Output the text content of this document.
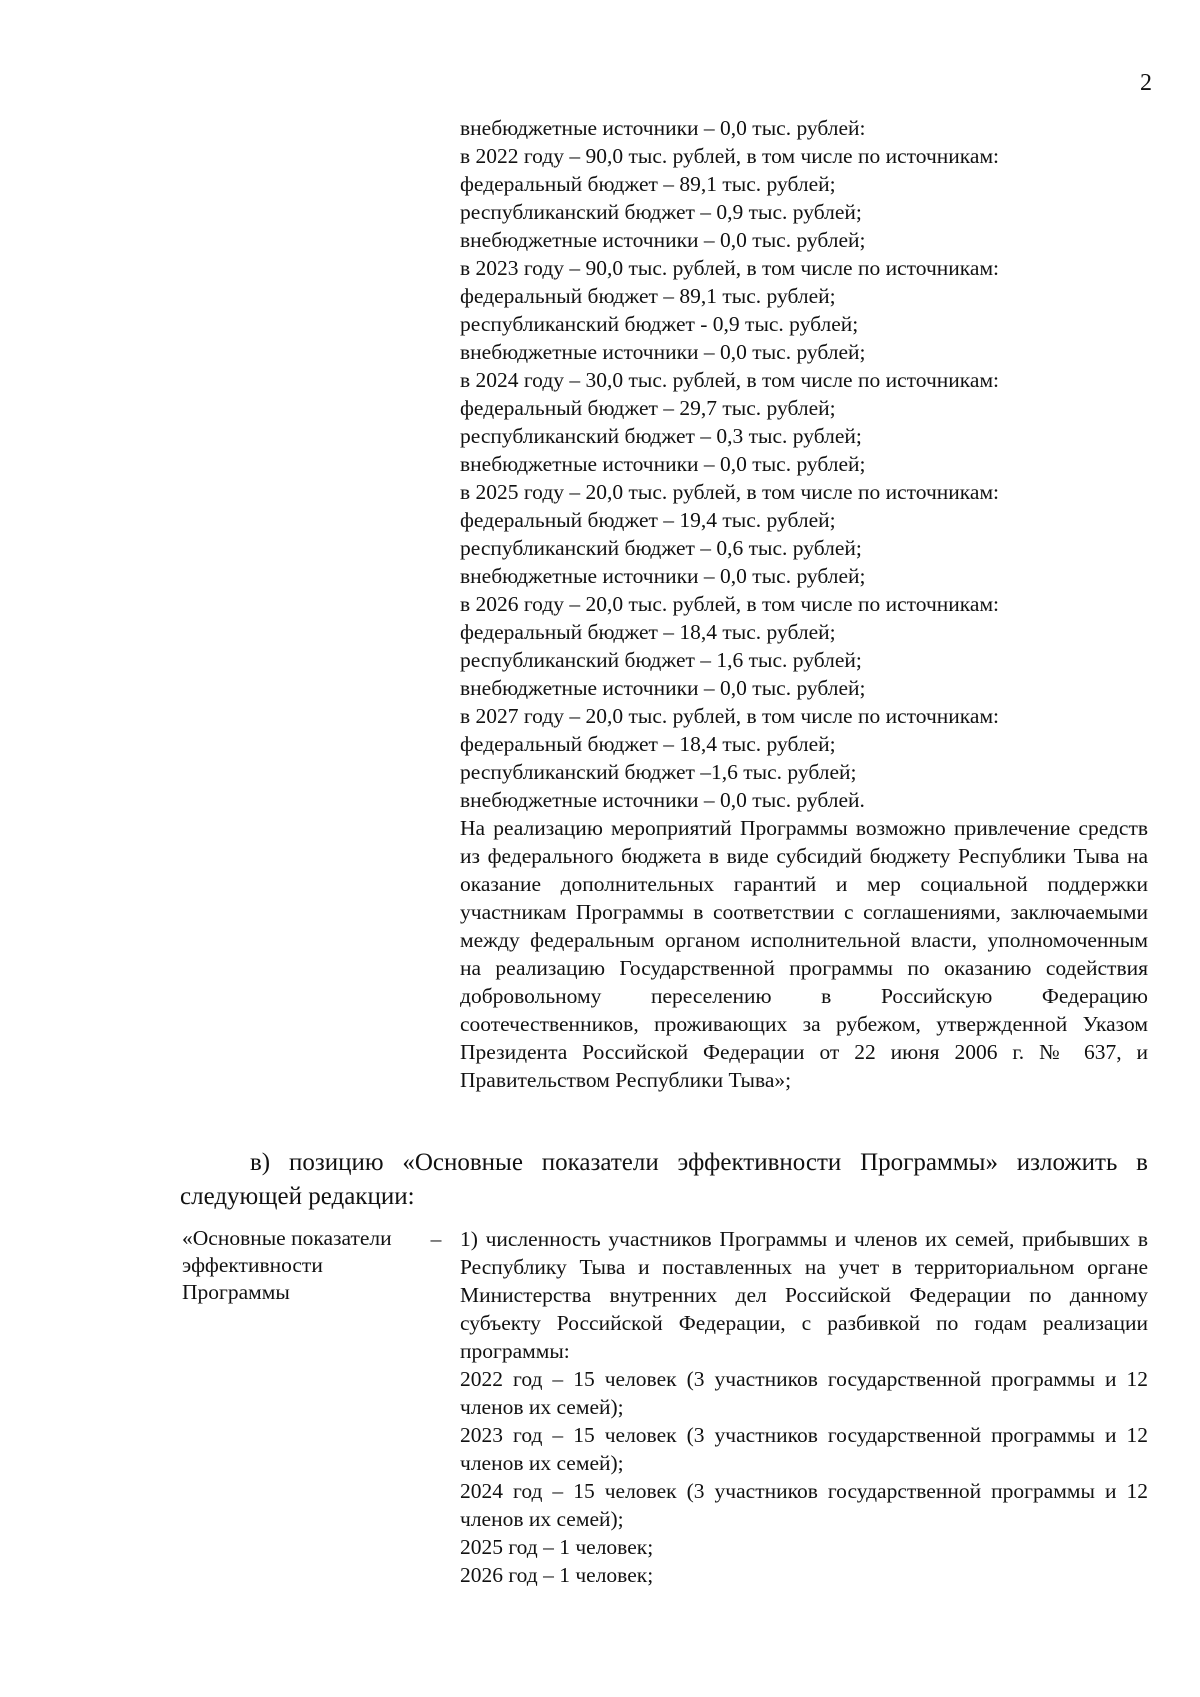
2
внебюджетные источники – 0,0 тыс. рублей:
в 2022 году – 90,0 тыс. рублей, в том числе по источникам:
федеральный бюджет – 89,1 тыс. рублей;
республиканский бюджет – 0,9 тыс. рублей;
внебюджетные источники – 0,0 тыс. рублей;
в 2023 году – 90,0 тыс. рублей, в том числе по источникам:
федеральный бюджет – 89,1 тыс. рублей;
республиканский бюджет - 0,9 тыс. рублей;
внебюджетные источники – 0,0 тыс. рублей;
в 2024 году – 30,0 тыс. рублей, в том числе по источникам:
федеральный бюджет – 29,7 тыс. рублей;
республиканский бюджет – 0,3 тыс. рублей;
внебюджетные источники – 0,0 тыс. рублей;
в 2025 году – 20,0 тыс. рублей, в том числе по источникам:
федеральный бюджет – 19,4 тыс. рублей;
республиканский бюджет – 0,6 тыс. рублей;
внебюджетные источники – 0,0 тыс. рублей;
в 2026 году – 20,0 тыс. рублей, в том числе по источникам:
федеральный бюджет – 18,4 тыс. рублей;
республиканский бюджет – 1,6 тыс. рублей;
внебюджетные источники – 0,0 тыс. рублей;
в 2027 году – 20,0 тыс. рублей, в том числе по источникам:
федеральный бюджет – 18,4 тыс. рублей;
республиканский бюджет –1,6 тыс. рублей;
внебюджетные источники – 0,0 тыс. рублей.
На реализацию мероприятий Программы возможно привлечение средств из федерального бюджета в виде субсидий бюджету Республики Тыва на оказание дополнительных гарантий и мер социальной поддержки участникам Программы в соответствии с соглашениями, заключаемыми между федеральным органом исполнительной власти, уполномоченным на реализацию Государственной программы по оказанию содействия добровольному переселению в Российскую Федерацию соотечественников, проживающих за рубежом, утвержденной Указом Президента Российской Федерации от 22 июня 2006 г. № 637, и Правительством Республики Тыва»;
в) позицию «Основные показатели эффективности Программы» изложить в следующей редакции:
«Основные показатели эффективности Программы
– 1) численность участников Программы и членов их семей, прибывших в Республику Тыва и поставленных на учет в территориальном органе Министерства внутренних дел Российской Федерации по данному субъекту Российской Федерации, с разбивкой по годам реализации программы:
2022 год – 15 человек (3 участников государственной программы и 12 членов их семей);
2023 год – 15 человек (3 участников государственной программы и 12 членов их семей);
2024 год – 15 человек (3 участников государственной программы и 12 членов их семей);
2025 год – 1 человек;
2026 год – 1 человек;
